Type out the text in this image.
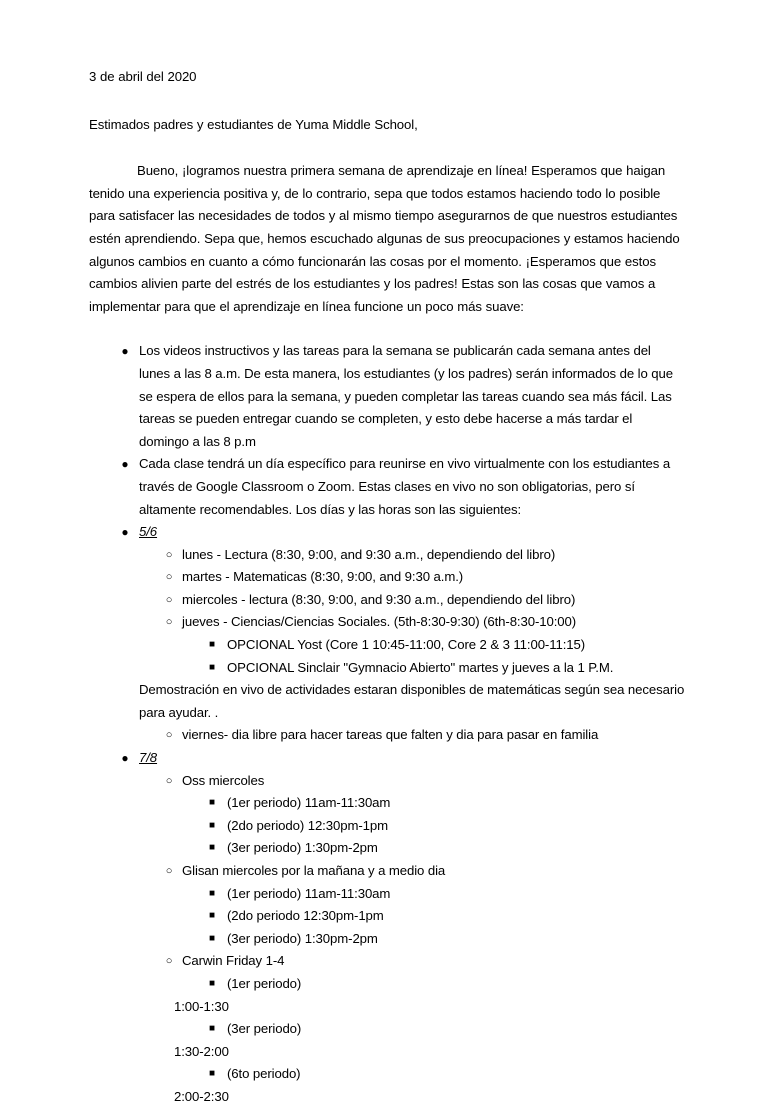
3 de abril del 2020
Estimados padres y estudiantes de Yuma Middle School,
Bueno, ¡logramos nuestra primera semana de aprendizaje en línea! Esperamos que haigan tenido una experiencia positiva y, de lo contrario, sepa que todos estamos haciendo todo lo posible para satisfacer las necesidades de todos y al mismo tiempo asegurarnos de que nuestros estudiantes estén aprendiendo. Sepa que, hemos escuchado algunas de sus preocupaciones y estamos haciendo algunos cambios en cuanto a cómo funcionarán las cosas por el momento. ¡Esperamos que estos cambios alivien parte del estrés de los estudiantes y los padres! Estas son las cosas que vamos a implementar para que el aprendizaje en línea funcione un poco más suave:
● Los videos instructivos y las tareas para la semana se publicarán cada semana antes del lunes a las 8 a.m. De esta manera, los estudiantes (y los padres) serán informados de lo que se espera de ellos para la semana, y pueden completar las tareas cuando sea más fácil. Las tareas se pueden entregar cuando se completen, y esto debe hacerse a más tardar el domingo a las 8 p.m
● Cada clase tendrá un día específico para reunirse en vivo virtualmente con los estudiantes a través de Google Classroom o Zoom. Estas clases en vivo no son obligatorias, pero sí altamente recomendables. Los días y las horas son las siguientes:
● 5/6
○ lunes - Lectura (8:30, 9:00, and 9:30 a.m., dependiendo del libro)
○ martes - Matematicas (8:30, 9:00, and 9:30 a.m.)
○ miercoles - lectura (8:30, 9:00, and 9:30 a.m., dependiendo del libro)
○ jueves - Ciencias/Ciencias Sociales. (5th-8:30-9:30) (6th-8:30-10:00)
■ OPCIONAL Yost (Core 1 10:45-11:00, Core 2 & 3 11:00-11:15)
■ OPCIONAL Sinclair "Gymnacio Abierto" martes y jueves a la 1 P.M.
Demostración en vivo de actividades estaran disponibles de matemáticas según sea necesario para ayudar. .
○ viernes- dia libre para hacer tareas que falten y dia para pasar en familia
● 7/8
○ Oss miercoles
■ (1er periodo) 11am-11:30am
■ (2do periodo) 12:30pm-1pm
■ (3er periodo) 1:30pm-2pm
○ Glisan miercoles por la mañana y a medio dia
■ (1er periodo) 11am-11:30am
■ (2do periodo 12:30pm-1pm
■ (3er periodo) 1:30pm-2pm
○ Carwin Friday 1-4
■ (1er periodo)
1:00-1:30
■ (3er periodo)
1:30-2:00
■ (6to periodo)
2:00-2:30
